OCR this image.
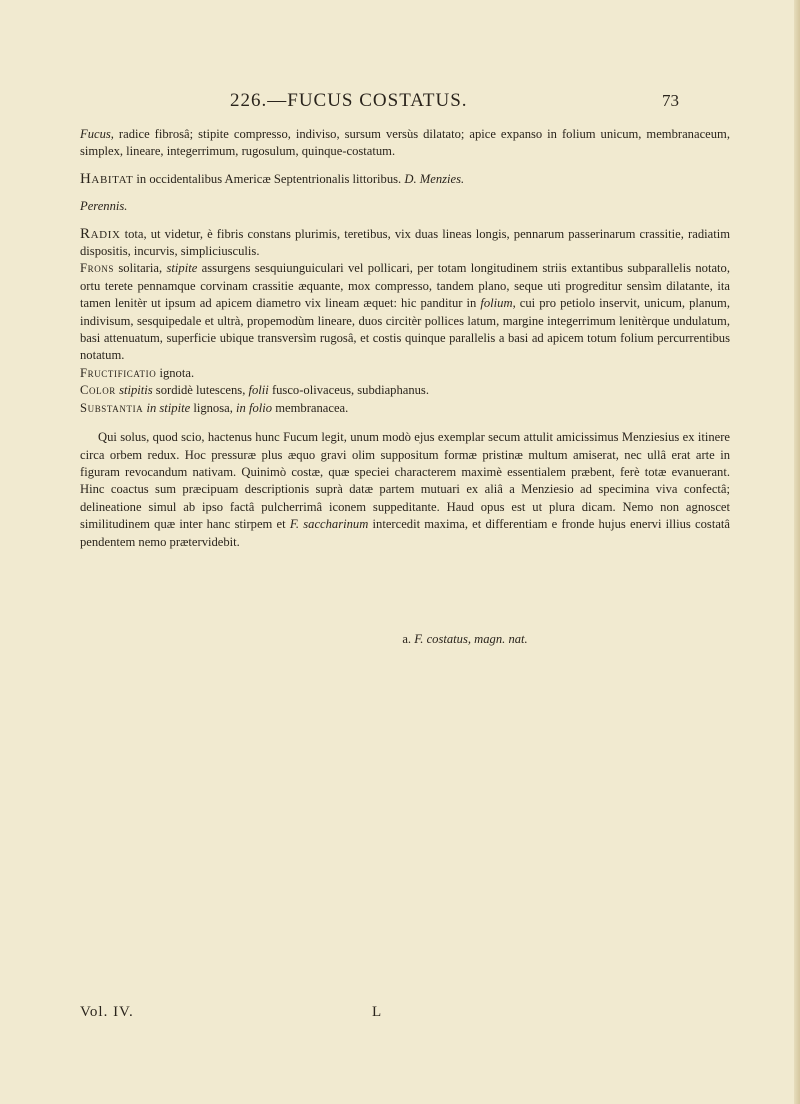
226.—FUCUS COSTATUS.	73

Fucus, radice fibrosâ; stipite compresso, indiviso, sursum versùs dilatato; apice expanso in folium unicum, membranaceum, simplex, lineare, integerrimum, rugosulum, quinque-costatum.

Habitat in occidentalibus Americæ Septentrionalis littoribus. D. Menzies.

Perennis.

Radix tota, ut videtur, è fibris constans plurimis, teretibus, vix duas lineas longis, pennarum passerinarum crassitie, radiatim dispositis, incurvis, simpliciusculis.

Frons solitaria, stipite assurgens sesquiunguiculari vel pollicari, per totam longitudinem striis extantibus subparallelis notato, ortu terete pennamque corvinam crassitie æquante, mox compresso, tandem plano, seque uti progreditur sensìm dilatante, ita tamen lenitèr ut ipsum ad apicem diametro vix lineam æquet: hic panditur in folium, cui pro petiolo inservit, unicum, planum, indivisum, sesquipedale et ultrà, propemodùm lineare, duos circitèr pollices latum, margine integerrimum lenitèrque undulatum, basi attenuatum, superficie ubique transversìm rugosâ, et costis quinque parallelis a basi ad apicem totum folium percurrentibus notatum.

Fructificatio ignota.

Color stipitis sordidè lutescens, folii fusco-olivaceus, subdiaphanus.

Substantia in stipite lignosa, in folio membranacea.

Qui solus, quod scio, hactenus hunc Fucum legit, unum modò ejus exemplar secum attulit amicissimus Menziesius ex itinere circa orbem redux. Hoc pressuræ plus æquo gravi olim suppositum formæ pristinæ multum amiserat, nec ullâ erat arte in figuram revocandum nativam. Quinimò costæ, quæ speciei characterem maximè essentialem præbent, ferè totæ evanuerant. Hinc coactus sum præcipuam descriptionis suprà datæ partem mutuari ex aliâ a Menziesio ad specimina viva confectâ; delineatione simul ab ipso factâ pulcherrimâ iconem suppeditante. Haud opus est ut plura dicam. Nemo non agnoscet similitudinem quæ inter hanc stirpem et F. saccharinum intercedit maxima, et differentiam e fronde hujus enervi illius costatâ pendentem nemo prætervidebit.

a. F. costatus, magn. nat.
Vol. IV.	L
